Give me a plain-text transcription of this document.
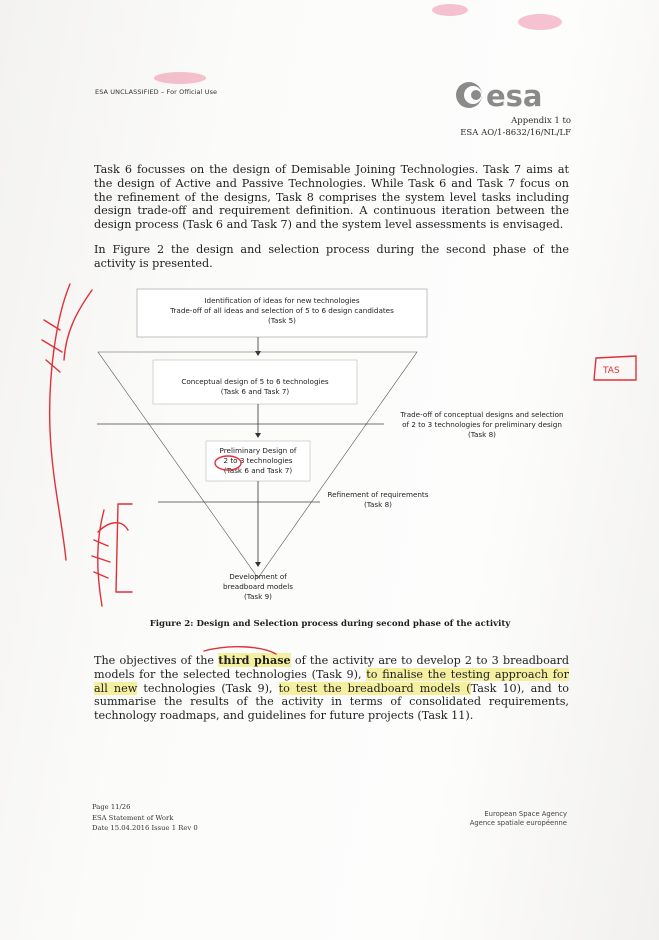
ESA UNCLASSIFIED – For Official Use	esa
Appendix 1 to
ESA AO/1-8632/16/NL/LF

Task 6 focusses on the design of Demisable Joining Technologies. Task 7 aims at the design of Active and Passive Technologies. While Task 6 and Task 7 focus on the refinement of the designs, Task 8 comprises the system level tasks including design trade-off and requirement definition. A continuous iteration between the design process (Task 6 and Task 7) and the system level assessments is envisaged.

In Figure 2 the design and selection process during the second phase of the activity is presented.

Identification of ideas for new technologies
Trade-off of all ideas and selection of 5 to 6 design candidates
(Task 5)
Conceptual design of 5 to 6 technologies
(Task 6 and Task 7)
Trade-off of conceptual designs and selection
of 2 to 3 technologies for preliminary design
(Task 8)
Preliminary Design of
2 to 3 technologies
(Task 6 and Task 7)
Refinement of requirements
(Task 8)
Development of
breadboard models
(Task 9)
Figure 2: Design and Selection process during second phase of the activity

The objectives of the third phase of the activity are to develop 2 to 3 breadboard models for the selected technologies (Task 9), to finalise the testing approach for all new technologies (Task 9), to test the breadboard models (Task 10), and to summarise the results of the activity in terms of consolidated requirements, technology roadmaps, and guidelines for future projects (Task 11).

Page 11/26
ESA Statement of Work
Date 15.04.2016 Issue 1 Rev 0
European Space Agency
Agence spatiale européenne
TAS
